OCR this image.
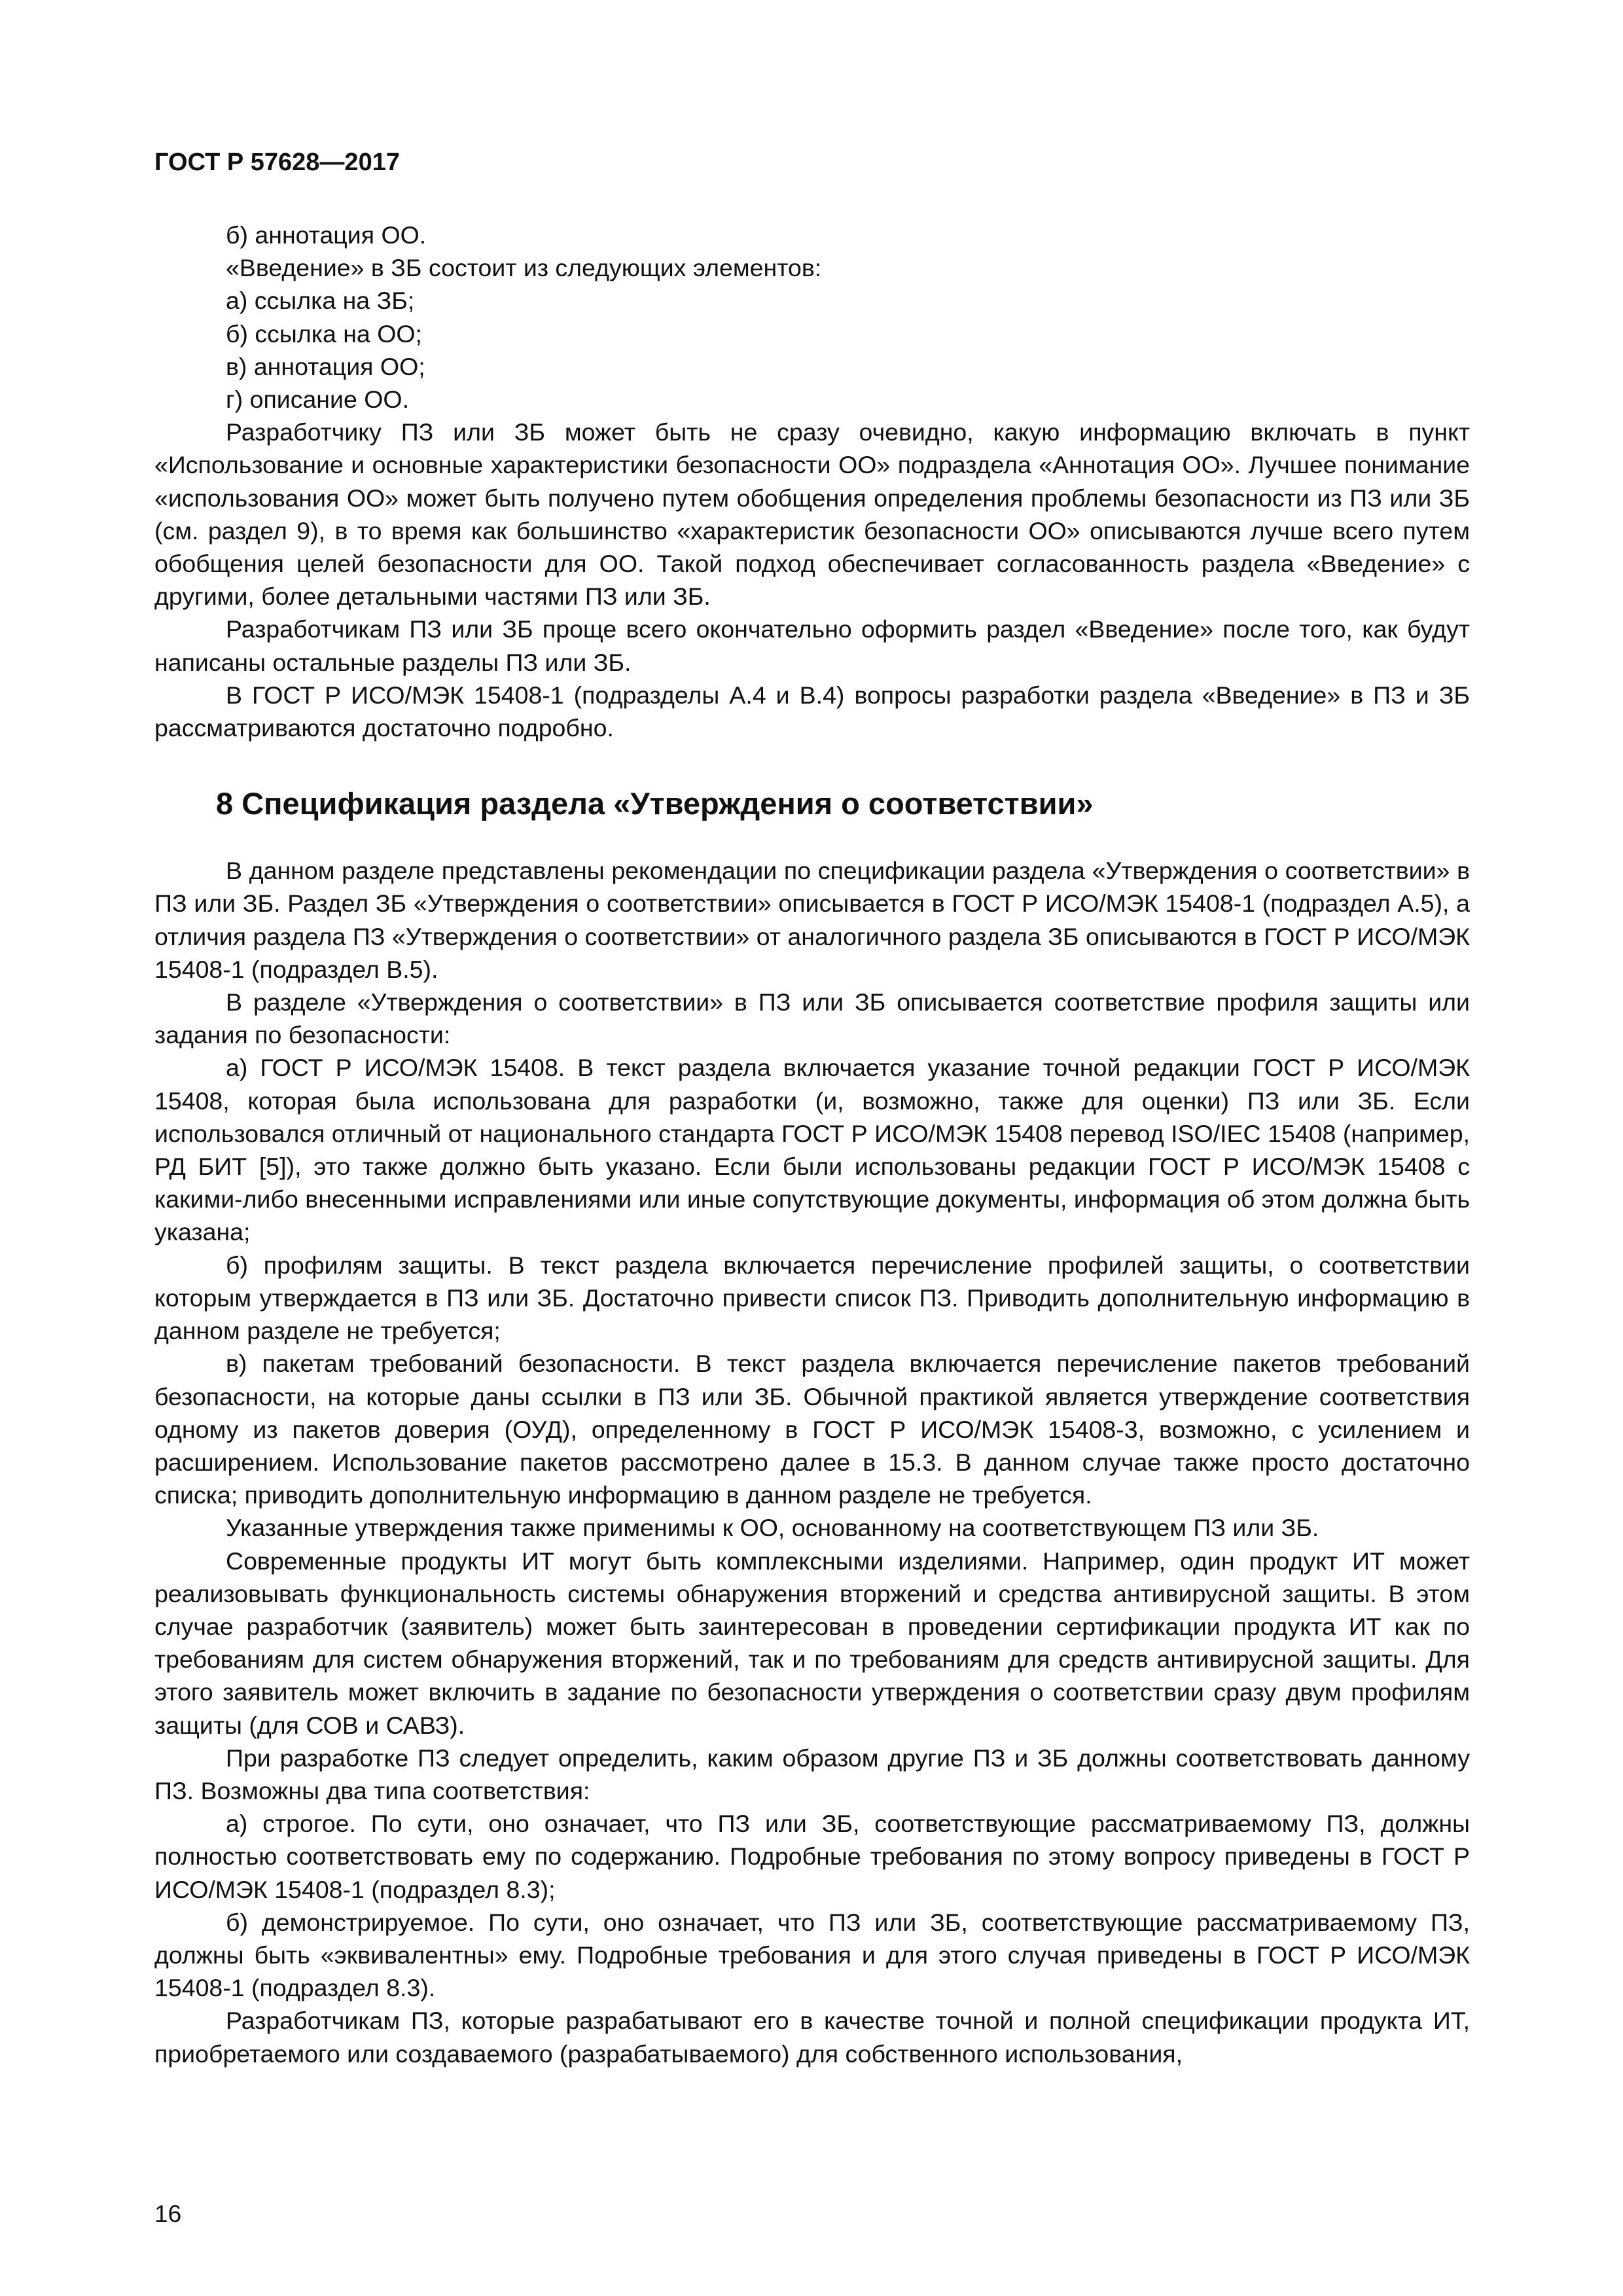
ГОСТ Р 57628—2017

б) аннотация ОО.

«Введение» в ЗБ состоит из следующих элементов:

а) ссылка на ЗБ;

б) ссылка на ОО;

в) аннотация ОО;

г) описание ОО.

Разработчику ПЗ или ЗБ может быть не сразу очевидно, какую информацию включать в пункт «Использование и основные характеристики безопасности ОО» подраздела «Аннотация ОО». Лучшее понимание «использования ОО» может быть получено путем обобщения определения проблемы безопасности из ПЗ или ЗБ (см. раздел 9), в то время как большинство «характеристик безопасности ОО» описываются лучше всего путем обобщения целей безопасности для ОО. Такой подход обеспечивает согласованность раздела «Введение» с другими, более детальными частями ПЗ или ЗБ.

Разработчикам ПЗ или ЗБ проще всего окончательно оформить раздел «Введение» после того, как будут написаны остальные разделы ПЗ или ЗБ.

В ГОСТ Р ИСО/МЭК 15408-1 (подразделы А.4 и В.4) вопросы разработки раздела «Введение» в ПЗ и ЗБ рассматриваются достаточно подробно.

8 Спецификация раздела «Утверждения о соответствии»

В данном разделе представлены рекомендации по спецификации раздела «Утверждения о соответствии» в ПЗ или ЗБ. Раздел ЗБ «Утверждения о соответствии» описывается в ГОСТ Р ИСО/МЭК 15408-1 (подраздел А.5), а отличия раздела ПЗ «Утверждения о соответствии» от аналогичного раздела ЗБ описываются в ГОСТ Р ИСО/МЭК 15408-1 (подраздел В.5).

В разделе «Утверждения о соответствии» в ПЗ или ЗБ описывается соответствие профиля защиты или задания по безопасности:

а) ГОСТ Р ИСО/МЭК 15408. В текст раздела включается указание точной редакции ГОСТ Р ИСО/МЭК 15408, которая была использована для разработки (и, возможно, также для оценки) ПЗ или ЗБ. Если использовался отличный от национального стандарта ГОСТ Р ИСО/МЭК 15408 перевод ISO/IEC 15408 (например, РД БИТ [5]), это также должно быть указано. Если были использованы редакции ГОСТ Р ИСО/МЭК 15408 с какими-либо внесенными исправлениями или иные сопутствующие документы, информация об этом должна быть указана;

б) профилям защиты. В текст раздела включается перечисление профилей защиты, о соответствии которым утверждается в ПЗ или ЗБ. Достаточно привести список ПЗ. Приводить дополнительную информацию в данном разделе не требуется;

в) пакетам требований безопасности. В текст раздела включается перечисление пакетов требований безопасности, на которые даны ссылки в ПЗ или ЗБ. Обычной практикой является утверждение соответствия одному из пакетов доверия (ОУД), определенному в ГОСТ Р ИСО/МЭК 15408-3, возможно, с усилением и расширением. Использование пакетов рассмотрено далее в 15.3. В данном случае также просто достаточно списка; приводить дополнительную информацию в данном разделе не требуется.

Указанные утверждения также применимы к ОО, основанному на соответствующем ПЗ или ЗБ.

Современные продукты ИТ могут быть комплексными изделиями. Например, один продукт ИТ может реализовывать функциональность системы обнаружения вторжений и средства антивирусной защиты. В этом случае разработчик (заявитель) может быть заинтересован в проведении сертификации продукта ИТ как по требованиям для систем обнаружения вторжений, так и по требованиям для средств антивирусной защиты. Для этого заявитель может включить в задание по безопасности утверждения о соответствии сразу двум профилям защиты (для СОВ и САВЗ).

При разработке ПЗ следует определить, каким образом другие ПЗ и ЗБ должны соответствовать данному ПЗ. Возможны два типа соответствия:

а) строгое. По сути, оно означает, что ПЗ или ЗБ, соответствующие рассматриваемому ПЗ, должны полностью соответствовать ему по содержанию. Подробные требования по этому вопросу приведены в ГОСТ Р ИСО/МЭК 15408-1 (подраздел 8.3);

б) демонстрируемое. По сути, оно означает, что ПЗ или ЗБ, соответствующие рассматриваемому ПЗ, должны быть «эквивалентны» ему. Подробные требования и для этого случая приведены в ГОСТ Р ИСО/МЭК 15408-1 (подраздел 8.3).

Разработчикам ПЗ, которые разрабатывают его в качестве точной и полной спецификации продукта ИТ, приобретаемого или создаваемого (разрабатываемого) для собственного использования,

16
